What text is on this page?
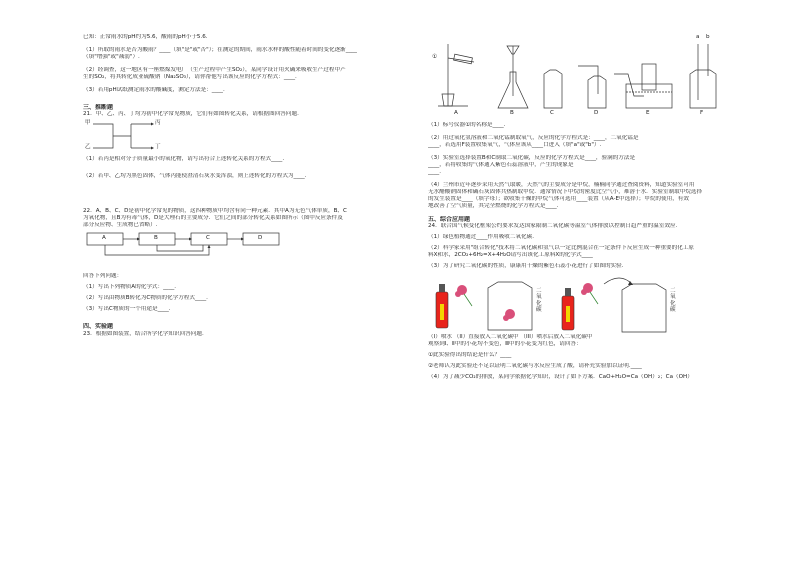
已知：正常雨水的pH约为5.6，酸雨的pH小于5.6.

（1）所取的雨水是否为酸雨？____（填"是"或"否"）；在测定的期间，雨水水样的酸性随着时间的变化逐渐____

（填"增强"或"减弱"）.

（2）经调查，这一地区有一座燃煤发电厂（生产过程中产生SO₂），某同学设计用火碱来吸收生产过程中产

生的SO₂，将其转化成亚硫酸钠（Na₂SO₃），请你帮他写出该反应的化学方程式：____.

（3）若用pH试纸测定雨水的酸碱度，测定方法是：____.

三、推断题

21．甲、乙、丙、丁均为初中化学常见物质，它们有如图转化关系，请根据图回答问题.

甲
乙
丙
丁

（1）若丙是相对分子质量最小的氧化物，请写出符合上述转化关系的方程式____.

（2）若甲、乙均为黑色固体，气体丙能使澄清石灰水变浑浊，则上述转化的方程式为____.

22．A、B、C、D是初中化学常见的物质，这四种物质中均含有同一种元素．其中A为无色气体单质，B、C

为氧化物，且B为有毒气体，D是大理石的主要成分．它们之间的部分转化关系如图所示（图中反应条件及

部分反应物、生成物已省略）.

A	B	C	D

回答下列问题：

（1）写出下列物质A的化学式：____.

（2）写出由物质B转化为C物质的化学方程式____.

（3）写出C物质的一个用途是____.

四、实验题

23．根据如图装置，结合所学化学知识回答问题.

①
a b
A	B	C	D	E	F

（1）标号仪器①的名称是____.

（2）用过氧化氢溶液和二氧化锰制取氧气，反应的化学方程式是：____，二氧化锰是

____，若选用F装置收集氧气，气体应该从____口进入（填"a"或"b"）.

（3）实验室选择装置B和C制取二氧化碳，反应的化学方程式是____，验满的方法是

____，若将收集的气体通入紫色石蕊溶液中，产生的现象是

____.

（4）兰州市近年逐步采用天然气取暖，天然气的主要成分是甲烷，楠楠同学通过查阅资料，知道实验室可用

无水醋酸钠固体和碱石灰固体共热制取甲烷．通常情况下甲烷的密度比空气小，难溶于水．实验室制取甲烷选择

的发生装置是____（填字母）；欲收集干燥的甲烷气体可选用____装置（从A-E中选择）；甲烷的使用，有效

地改善了空气质量，其完全燃烧的化学方程式是____.

五、综合应用题

24．联合国气候变化框架公约要求发达国家限制二氧化碳等温室气体排放以控制日趋严重的温室效应.

（1）绿色植物通过____作用吸收二氧化碳.

（2）科学家采用"组合转化"技术将二氧化碳和氢气以一定比例混合在一定条件下反应生成一种重要的化工原

料X和水，2CO₂+6H₂=X+4H₂O请写出该化工原料X的化学式____

（3）为了研究二氧化碳的性质，康康用干燥的紫色石蕊小花进行了如图的实验.

二氧化碳
二氧化碳

（I）喷水 （II）直接放入二氧化碳中 （III）喷水后放入二氧化碳中

观察到Ⅰ、Ⅱ中的小花均不变色，Ⅲ中的小花变为红色，请回答：

①此实验得出的结论是什么？____

②老师认为此实验还不足以证明二氧化碳与水反应生成了酸，请补充实验加以证明.____

（4）为了减少CO₂的排放，某同学依据化学知识，设计了如下方案．CaO+H₂O=Ca（OH）₂；Ca（OH）
